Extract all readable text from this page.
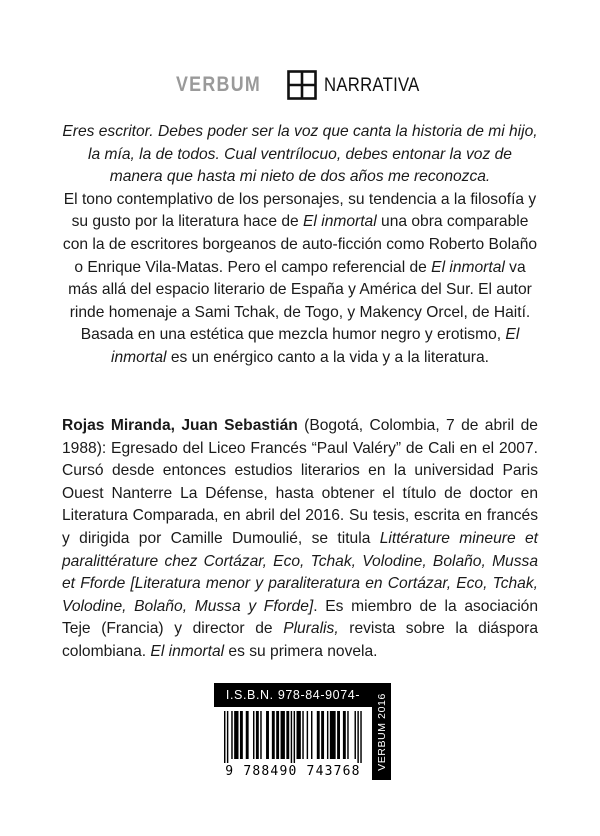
VERBUM	NARRATIVA

Eres escritor. Debes poder ser la voz que canta la historia de mi hijo, la mía, la de todos. Cual ventrílocuo, debes entonar la voz de manera que hasta mi nieto de dos años me reconozca.

El tono contemplativo de los personajes, su tendencia a la filosofía y su gusto por la literatura hace de El inmortal una obra comparable con la de escritores borgeanos de auto-ficción como Roberto Bolaño o Enrique Vila-Matas. Pero el campo referencial de El inmortal va más allá del espacio literario de España y América del Sur. El autor rinde homenaje a Sami Tchak, de Togo, y Makency Orcel, de Haití.

Basada en una estética que mezcla humor negro y erotismo, El inmortal es un enérgico canto a la vida y a la literatura.

Rojas Miranda, Juan Sebastián (Bogotá, Colombia, 7 de abril de 1988): Egresado del Liceo Francés “Paul Valéry” de Cali en el 2007. Cursó desde entonces estudios literarios en la universidad Paris Ouest Nanterre La Défense, hasta obtener el título de doctor en Literatura Comparada, en abril del 2016. Su tesis, escrita en francés y dirigida por Camille Dumoulié, se titula Littérature mineure et paralittérature chez Cortázar, Eco, Tchak, Volodine, Bolaño, Mussa et Fforde [Literatura menor y paraliteratura en Cortázar, Eco, Tchak, Volodine, Bolaño, Mussa y Fforde]. Es miembro de la asociación Teje (Francia) y director de Pluralis, revista sobre la diáspora colombiana. El inmortal es su primera novela.

I.S.B.N. 978-84-9074-	VERBUM 2016
9 788490 743768
